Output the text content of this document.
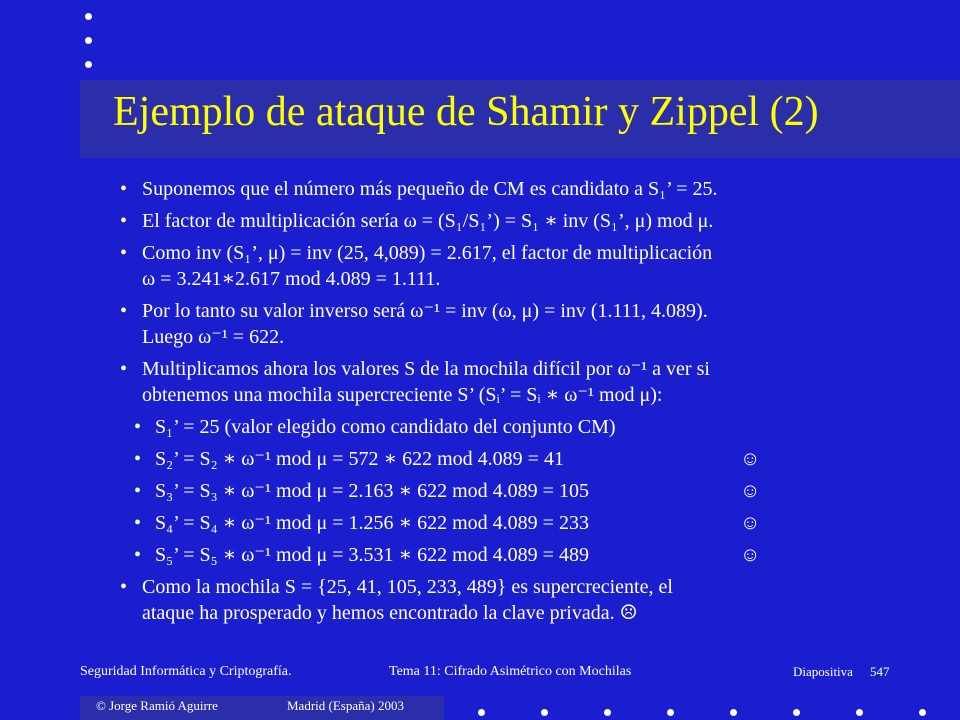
Ejemplo de ataque de Shamir y Zippel (2)
• Suponemos que el número más pequeño de CM es candidato a S₁’ = 25.
• El factor de multiplicación sería ω = (S₁/S₁’) = S₁ ∗ inv (S₁’, μ) mod μ.
• Como inv (S₁’, μ) = inv (25, 4,089) = 2.617, el factor de multiplicación
ω = 3.241∗2.617 mod 4.089 = 1.111.
• Por lo tanto su valor inverso será ω⁻¹ = inv (ω, μ) = inv (1.111, 4.089).
Luego ω⁻¹ = 622.
• Multiplicamos ahora los valores S de la mochila difícil por ω⁻¹ a ver si
obtenemos una mochila supercreciente S’ (Sᵢ’ = Sᵢ ∗ ω⁻¹ mod μ):
• S₁’ = 25 (valor elegido como candidato del conjunto CM)
• S₂’ = S₂ ∗ ω⁻¹ mod μ = 572 ∗ 622 mod 4.089 = 41	☺
• S₃’ = S₃ ∗ ω⁻¹ mod μ = 2.163 ∗ 622 mod 4.089 = 105	☺
• S₄’ = S₄ ∗ ω⁻¹ mod μ = 1.256 ∗ 622 mod 4.089 = 233	☺
• S₅’ = S₅ ∗ ω⁻¹ mod μ = 3.531 ∗ 622 mod 4.089 = 489	☺
• Como la mochila S = {25, 41, 105, 233, 489} es supercreciente, el
ataque ha prosperado y hemos encontrado la clave privada. ☹
Seguridad Informática y Criptografía.	Tema 11: Cifrado Asimétrico con Mochilas	Diapositiva 547
© Jorge Ramió Aguirre	Madrid (España) 2003
